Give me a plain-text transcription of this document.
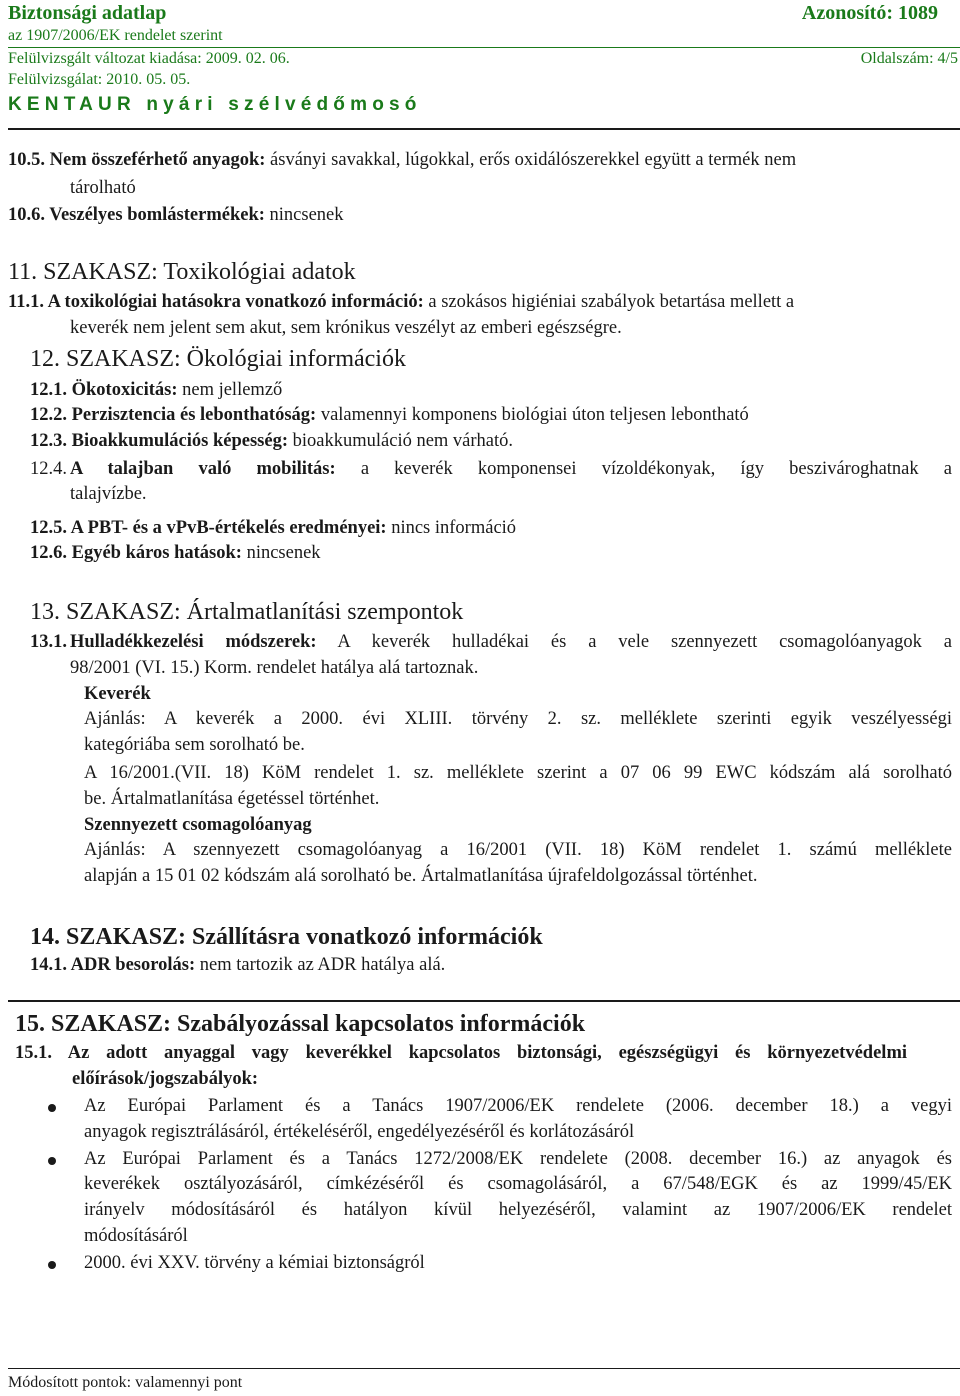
Biztonsági adatlap	Azonosító: 1089
az 1907/2006/EK rendelet szerint
Felülvizsgált változat kiadása: 2009. 02. 06.	Oldalszám: 4/5
Felülvizsgálat: 2010. 05. 05.
KENTAUR nyári szélvédőmosó
10.5. Nem összeférhető anyagok: ásványi savakkal, lúgokkal, erős oxidálószerekkel együtt a termék nem
tárolható
10.6. Veszélyes bomlástermékek: nincsenek
11. SZAKASZ: Toxikológiai adatok
11.1. A toxikológiai hatásokra vonatkozó információ: a szokásos higiéniai szabályok betartása mellett a
keverék nem jelent sem akut, sem krónikus veszélyt az emberi egészségre.
12. SZAKASZ: Ökológiai információk
12.1. Ökotoxicitás: nem jellemző
12.2. Perzisztencia és lebonthatóság: valamennyi komponens biológiai úton teljesen lebontható
12.3. Bioakkumulációs képesség: bioakkumuláció nem várható.
12.4. A talajban való mobilitás: a keverék komponensei vízoldékonyak, így beszivároghatnak a
talajvízbe.
12.5. A PBT- és a vPvB-értékelés eredményei: nincs információ
12.6. Egyéb káros hatások: nincsenek
13. SZAKASZ: Ártalmatlanítási szempontok
13.1. Hulladékkezelési módszerek: A keverék hulladékai és a vele szennyezett csomagolóanyagok a
98/2001 (VI. 15.) Korm. rendelet hatálya alá tartoznak.
Keverék
Ajánlás: A keverék a 2000. évi XLIII. törvény 2. sz. melléklete szerinti egyik veszélyességi
kategóriába sem sorolható be.
A 16/2001.(VII. 18) KöM rendelet 1. sz. melléklete szerint a 07 06 99 EWC kódszám alá sorolható
be. Ártalmatlanítása égetéssel történhet.
Szennyezett csomagolóanyag
Ajánlás: A szennyezett csomagolóanyag a 16/2001 (VII. 18) KöM rendelet 1. számú melléklete
alapján a 15 01 02 kódszám alá sorolható be. Ártalmatlanítása újrafeldolgozással történhet.
14. SZAKASZ: Szállításra vonatkozó információk
14.1. ADR besorolás: nem tartozik az ADR hatálya alá.
15. SZAKASZ: Szabályozással kapcsolatos információk
15.1. Az adott anyaggal vagy keverékkel kapcsolatos biztonsági, egészségügyi és környezetvédelmi
előírások/jogszabályok:
Az Európai Parlament és a Tanács 1907/2006/EK rendelete (2006. december 18.) a vegyi
anyagok regisztrálásáról, értékeléséről, engedélyezéséről és korlátozásáról
Az Európai Parlament és a Tanács 1272/2008/EK rendelete (2008. december 16.) az anyagok és
keverékek osztályozásáról, címkézéséről és csomagolásáról, a 67/548/EGK és az 1999/45/EK
irányelv módosításáról és hatályon kívül helyezéséről, valamint az 1907/2006/EK rendelet
módosításáról
2000. évi XXV. törvény a kémiai biztonságról
Módosított pontok: valamennyi pont
